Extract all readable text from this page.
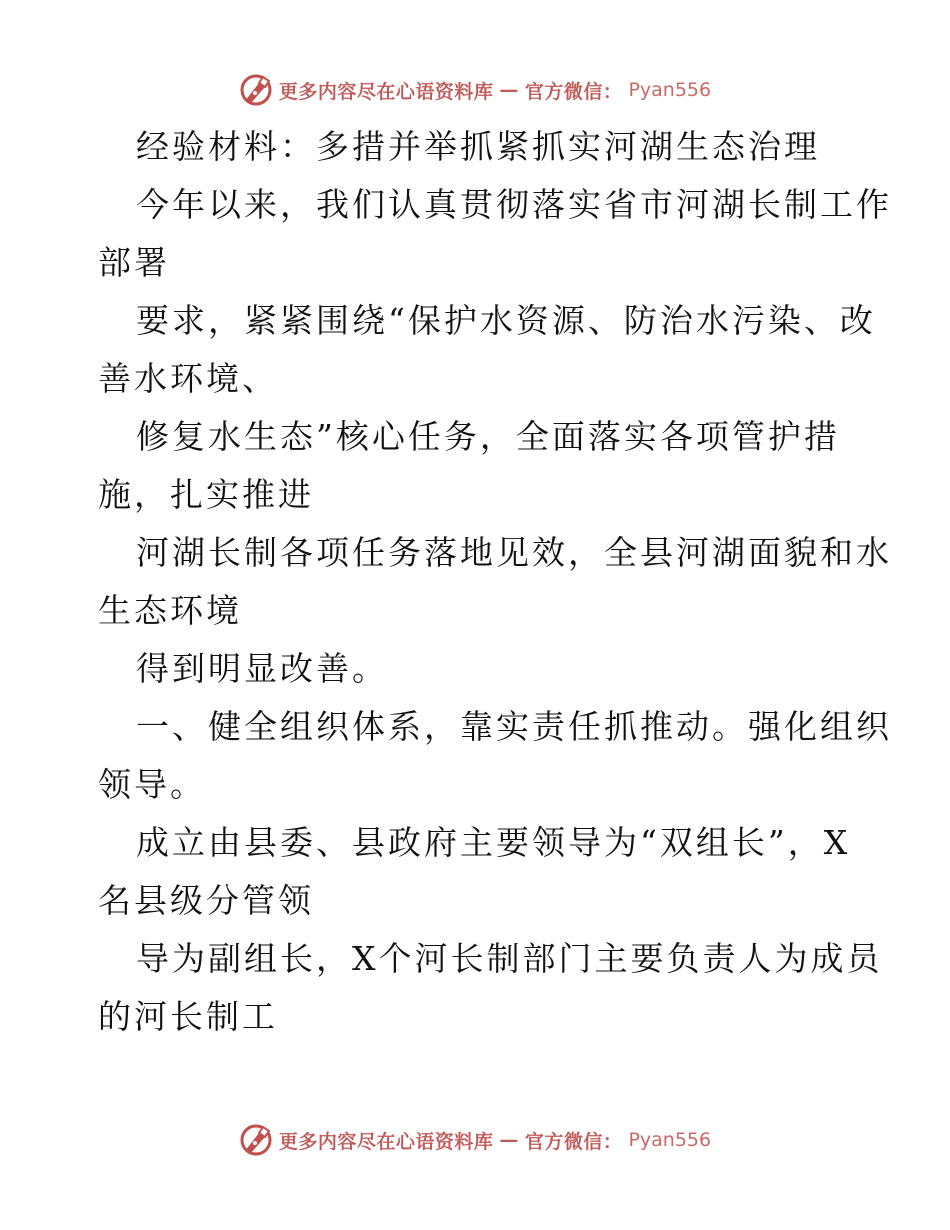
更多内容尽在心语资料库 — 官方微信： Pyan556
经验材料：多措并举抓紧抓实河湖生态治理
今年以来，我们认真贯彻落实省市河湖长制工作
部署
要求，紧紧围绕“保护水资源、防治水污染、改
善水环境、
修复水生态”核心任务，全面落实各项管护措
施，扎实推进
河湖长制各项任务落地见效，全县河湖面貌和水
生态环境
得到明显改善。
一、健全组织体系，靠实责任抓推动。强化组织
领导。
成立由县委、县政府主要领导为“双组长”，X
名县级分管领
导为副组长，X个河长制部门主要负责人为成员
的河长制工
更多内容尽在心语资料库 — 官方微信： Pyan556
